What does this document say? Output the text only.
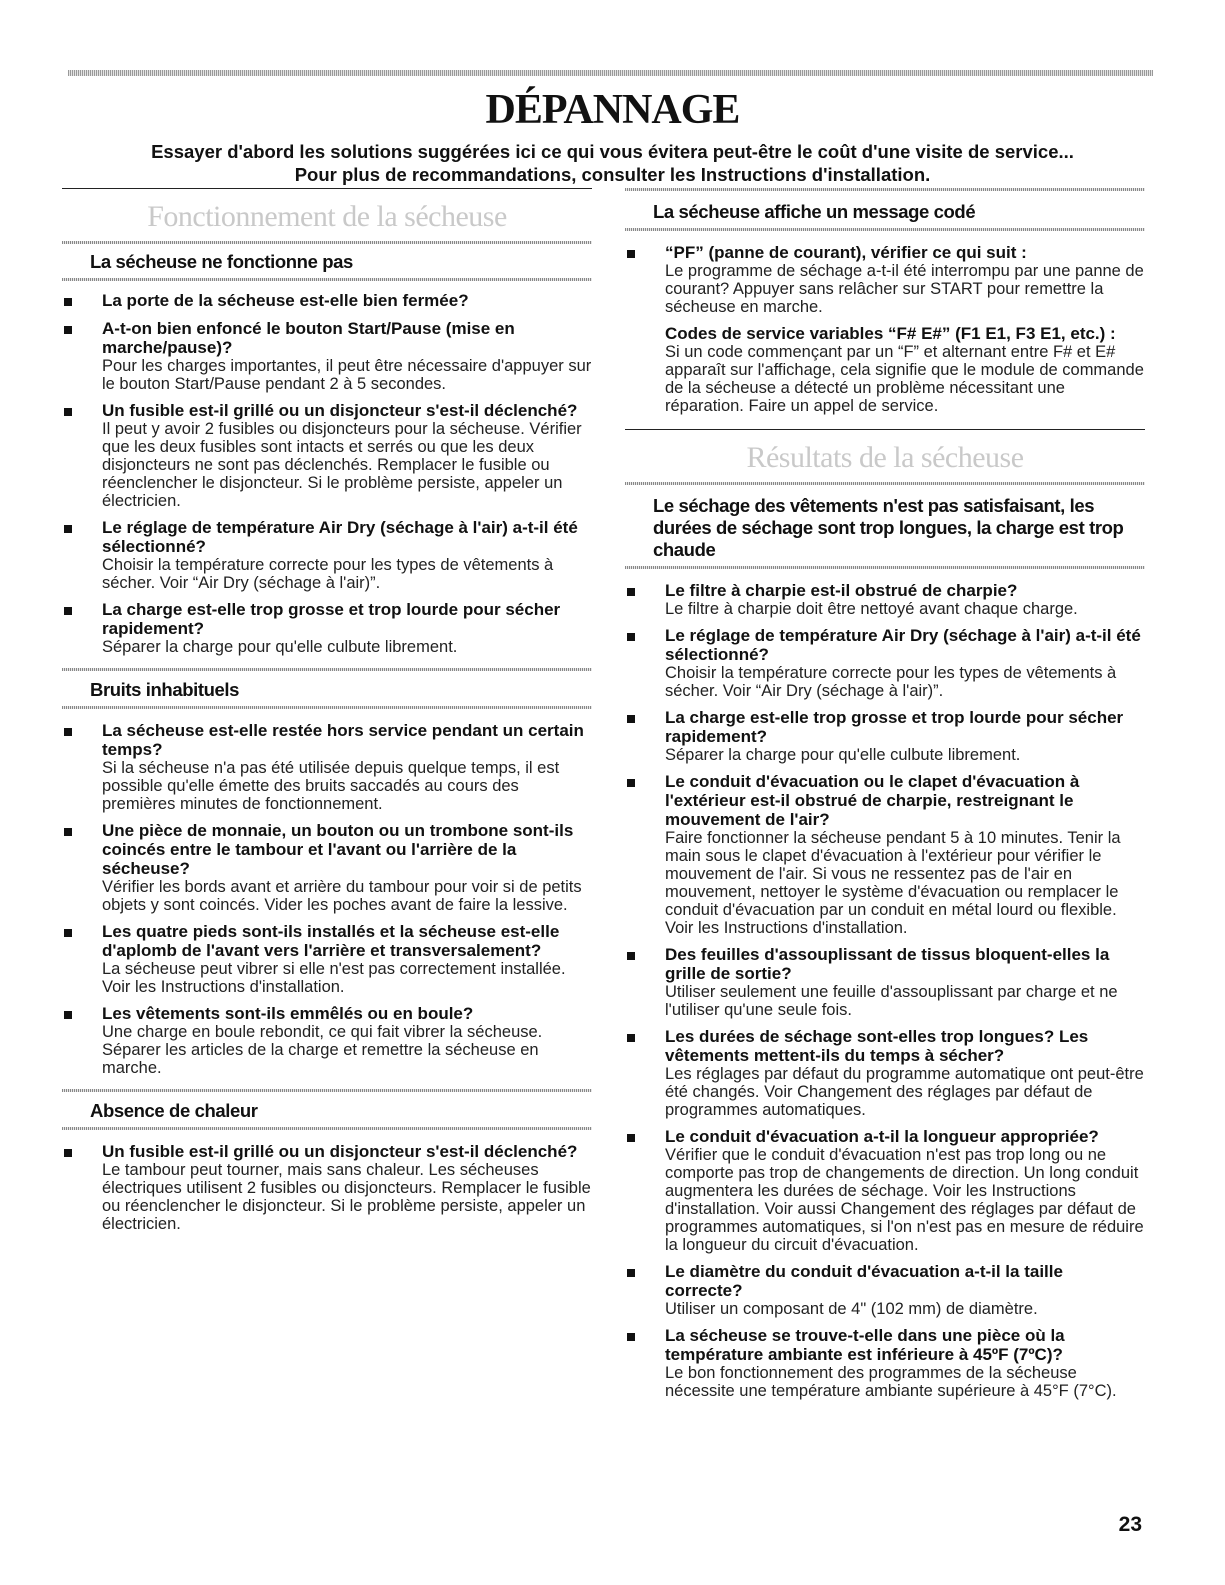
DÉPANNAGE
Essayer d'abord les solutions suggérées ici ce qui vous évitera peut-être le coût d'une visite de service...
Pour plus de recommandations, consulter les Instructions d'installation.
Fonctionnement de la sécheuse
La sécheuse ne fonctionne pas
La porte de la sécheuse est-elle bien fermée?
A-t-on bien enfoncé le bouton Start/Pause (mise en marche/pause)?
Pour les charges importantes, il peut être nécessaire d'appuyer sur le bouton Start/Pause pendant 2 à 5 secondes.
Un fusible est-il grillé ou un disjoncteur s'est-il déclenché?
Il peut y avoir 2 fusibles ou disjoncteurs pour la sécheuse. Vérifier que les deux fusibles sont intacts et serrés ou que les deux disjoncteurs ne sont pas déclenchés. Remplacer le fusible ou réenclencher le disjoncteur. Si le problème persiste, appeler un électricien.
Le réglage de température Air Dry (séchage à l'air) a-t-il été sélectionné?
Choisir la température correcte pour les types de vêtements à sécher. Voir “Air Dry (séchage à l'air)”.
La charge est-elle trop grosse et trop lourde pour sécher rapidement?
Séparer la charge pour qu'elle culbute librement.
Bruits inhabituels
La sécheuse est-elle restée hors service pendant un certain temps?
Si la sécheuse n'a pas été utilisée depuis quelque temps, il est possible qu'elle émette des bruits saccadés au cours des premières minutes de fonctionnement.
Une pièce de monnaie, un bouton ou un trombone sont-ils coincés entre le tambour et l'avant ou l'arrière de la sécheuse?
Vérifier les bords avant et arrière du tambour pour voir si de petits objets y sont coincés. Vider les poches avant de faire la lessive.
Les quatre pieds sont-ils installés et la sécheuse est-elle d'aplomb de l'avant vers l'arrière et transversalement?
La sécheuse peut vibrer si elle n'est pas correctement installée. Voir les Instructions d'installation.
Les vêtements sont-ils emmêlés ou en boule?
Une charge en boule rebondit, ce qui fait vibrer la sécheuse. Séparer les articles de la charge et remettre la sécheuse en marche.
Absence de chaleur
Un fusible est-il grillé ou un disjoncteur s'est-il déclenché?
Le tambour peut tourner, mais sans chaleur. Les sécheuses électriques utilisent 2 fusibles ou disjoncteurs. Remplacer le fusible ou réenclencher le disjoncteur. Si le problème persiste, appeler un électricien.
La sécheuse affiche un message codé
“PF” (panne de courant), vérifier ce qui suit :
Le programme de séchage a-t-il été interrompu par une panne de courant? Appuyer sans relâcher sur START pour remettre la sécheuse en marche.
Codes de service variables “F# E#” (F1 E1, F3 E1, etc.) :
Si un code commençant par un “F” et alternant entre F# et E# apparaît sur l'affichage, cela signifie que le module de commande de la sécheuse a détecté un problème nécessitant une réparation. Faire un appel de service.
Résultats de la sécheuse
Le séchage des vêtements n'est pas satisfaisant, les durées de séchage sont trop longues, la charge est trop chaude
Le filtre à charpie est-il obstrué de charpie?
Le filtre à charpie doit être nettoyé avant chaque charge.
Le réglage de température Air Dry (séchage à l'air) a-t-il été sélectionné?
Choisir la température correcte pour les types de vêtements à sécher. Voir “Air Dry (séchage à l'air)”.
La charge est-elle trop grosse et trop lourde pour sécher rapidement?
Séparer la charge pour qu'elle culbute librement.
Le conduit d'évacuation ou le clapet d'évacuation à l'extérieur est-il obstrué de charpie, restreignant le mouvement de l'air?
Faire fonctionner la sécheuse pendant 5 à 10 minutes. Tenir la main sous le clapet d'évacuation à l'extérieur pour vérifier le mouvement de l'air. Si vous ne ressentez pas de l'air en mouvement, nettoyer le système d'évacuation ou remplacer le conduit d'évacuation par un conduit en métal lourd ou flexible. Voir les Instructions d'installation.
Des feuilles d'assouplissant de tissus bloquent-elles la grille de sortie?
Utiliser seulement une feuille d'assouplissant par charge et ne l'utiliser qu'une seule fois.
Les durées de séchage sont-elles trop longues? Les vêtements mettent-ils du temps à sécher?
Les réglages par défaut du programme automatique ont peut-être été changés. Voir Changement des réglages par défaut de programmes automatiques.
Le conduit d'évacuation a-t-il la longueur appropriée?
Vérifier que le conduit d'évacuation n'est pas trop long ou ne comporte pas trop de changements de direction. Un long conduit augmentera les durées de séchage. Voir les Instructions d'installation. Voir aussi Changement des réglages par défaut de programmes automatiques, si l'on n'est pas en mesure de réduire la longueur du circuit d'évacuation.
Le diamètre du conduit d'évacuation a-t-il la taille correcte?
Utiliser un composant de 4" (102 mm) de diamètre.
La sécheuse se trouve-t-elle dans une pièce où la température ambiante est inférieure à 45ºF (7ºC)?
Le bon fonctionnement des programmes de la sécheuse nécessite une température ambiante supérieure à 45°F (7°C).
23
